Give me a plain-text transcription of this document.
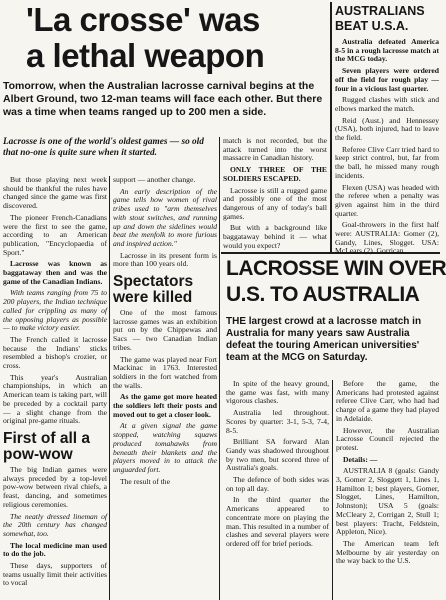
'La crosse' was
a lethal weapon
Tomorrow, when the Australian lacrosse carnival begins at the Albert Ground, two 12-man teams will face each other. But there was a time when teams ranged up to 200 men a side.
Lacrosse is one of the world's oldest games — so old that no-one is quite sure when it started.

But those playing next week should be thankful the rules have changed since the game was first discovered.

The pioneer French-Canadians were the first to see the game, according to an American publication, "Encyclopaedia of Sport."

Lacrosse was known as baggataway then and was the game of the Canadian Indians.

With teams ranging from 75 to 200 players, the Indian technique called for crippling as many of the opposing players as possible — to make victory easier.

The French called it lacrosse because the Indians' sticks resembled a bishop's crozier, or cross.

This year's Australian championships, in which an American team is taking part, will be preceded by a cocktail party — a slight change from the original pre-game rituals.

First of all a pow-wow

The big Indian games were always preceded by a top-level pow-wow between rival chiefs, a feast, dancing, and sometimes religious ceremonies.

The neatly dressed lineman of the 20th century has changed somewhat, too.

The local medicine man used to do the job.

These days, supporters of teams usually limit their activities to vocal

support — another change.

An early description of the game tells how women of rival tribes used to "arm themselves with stout switches, and running up and down the sidelines would beat the menfolk to more furious and inspired action."

Lacrosse in its present form is more than 100 years old.

Spectators were killed

One of the most famous lacrosse games was an exhibition put on by the Chippewas and Sacs — two Canadian Indian tribes.

The game was played near Fort Mackinac in 1763. Interested soldiers in the fort watched from the walls.

As the game got more heated the soldiers left their posts and moved out to get a closer look.

At a given signal the game stopped, watching squaws produced tomahawks from beneath their blankets and the players moved in to attack the unguarded fort.

The result of the

match is not recorded, but the attack turned into the worst massacre in Canadian history.

ONLY THREE OF THE SOLDIERS ESCAPED.

Lacrosse is still a rugged game and possibly one of the most dangerous of any of today's ball games.

But with a background like baggataway behind it — what would you expect?

AUSTRALIANS
BEAT U.S.A.

Australia defeated America 8-5 in a rough lacrosse match at the MCG today.

Seven players were ordered off the field for rough play — four in a vicious last quarter.

Rugged clashes with stick and elbows marked the match.

Reid (Aust.) and Hennessey (USA), both injured, had to leave the field.

Referee Clive Carr tried hard to keep strict control, but, far from the ball, he missed many rough incidents.

Flexen (USA) was headed with the referee when a penalty was given against him in the third quarter.

Goal-throwers in the first half were: AUSTRALIA: Gomer (2), Gandy, Lines, Slogget. USA: McLears (2), Gorrican.

LACROSSE WIN OVER
U.S. TO AUSTRALIA
THE largest crowd at a lacrosse match in Australia for many years saw Australia defeat the touring American universities' team at the MCG on Saturday.

In spite of the heavy ground, the game was fast, with many vigorous clashes.

Australia led throughout. Scores by quarter: 3-1, 5-3, 7-4, 8-5.

Brilliant SA forward Alan Gandy was shadowed throughout by two men, but scored three of Australia's goals.

The defence of both sides was on top all day.

In the third quarter the Americans appeared to concentrate more on playing the man. This resulted in a number of clashes and several players were ordered off for brief periods.

Before the game, the Americans had protested against referee Clive Carr, who had had charge of a game they had played in Adelaide.

However, the Australian Lacrosse Council rejected the protest.

Details: —

AUSTRALIA 8 (goals: Gandy 3, Gomer 2, Sloggett 1, Lines 1, Hamilton 1; best players, Gomer, Slogget, Lines, Hamilton, Johnston); USA 5 (goals: McCleary 2, Corrigan 2, Stull 1; best players: Tracht, Feldstein, Appleton, Nice).

The American team left Melbourne by air yesterday on the way back to the U.S.
